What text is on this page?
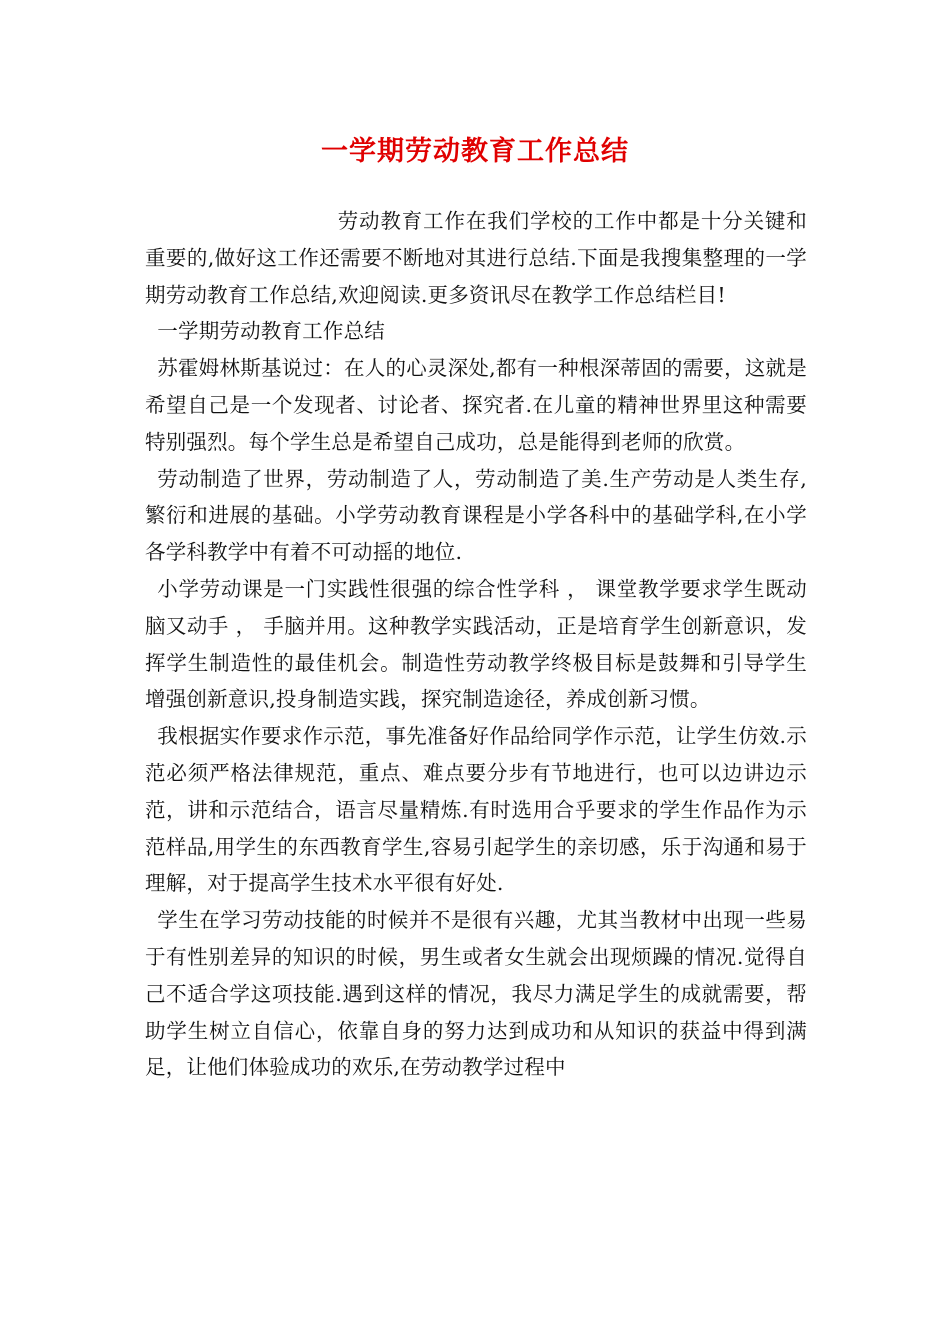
一学期劳动教育工作总结

劳动教育工作在我们学校的工作中都是十分关键和重要的,做好这工作还需要不断地对其进行总结.下面是我搜集整理的一学期劳动教育工作总结,欢迎阅读.更多资讯尽在教学工作总结栏目!

一学期劳动教育工作总结

苏霍姆林斯基说过：在人的心灵深处,都有一种根深蒂固的需要，这就是希望自己是一个发现者、讨论者、探究者.在儿童的精神世界里这种需要特别强烈。每个学生总是希望自己成功，总是能得到老师的欣赏。

劳动制造了世界，劳动制造了人，劳动制造了美.生产劳动是人类生存,繁衍和进展的基础。小学劳动教育课程是小学各科中的基础学科,在小学各学科教学中有着不可动摇的地位.

小学劳动课是一门实践性很强的综合性学科 ， 课堂教学要求学生既动脑又动手 ， 手脑并用。这种教学实践活动，正是培育学生创新意识，发挥学生制造性的最佳机会。制造性劳动教学终极目标是鼓舞和引导学生增强创新意识,投身制造实践，探究制造途径，养成创新习惯。

我根据实作要求作示范，事先准备好作品给同学作示范，让学生仿效.示范必须严格法律规范，重点、难点要分步有节地进行，也可以边讲边示范，讲和示范结合，语言尽量精炼.有时选用合乎要求的学生作品作为示范样品,用学生的东西教育学生,容易引起学生的亲切感，乐于沟通和易于理解，对于提高学生技术水平很有好处.

学生在学习劳动技能的时候并不是很有兴趣，尤其当教材中出现一些易于有性别差异的知识的时候，男生或者女生就会出现烦躁的情况.觉得自己不适合学这项技能.遇到这样的情况，我尽力满足学生的成就需要，帮助学生树立自信心，依靠自身的努力达到成功和从知识的获益中得到满足，让他们体验成功的欢乐,在劳动教学过程中
